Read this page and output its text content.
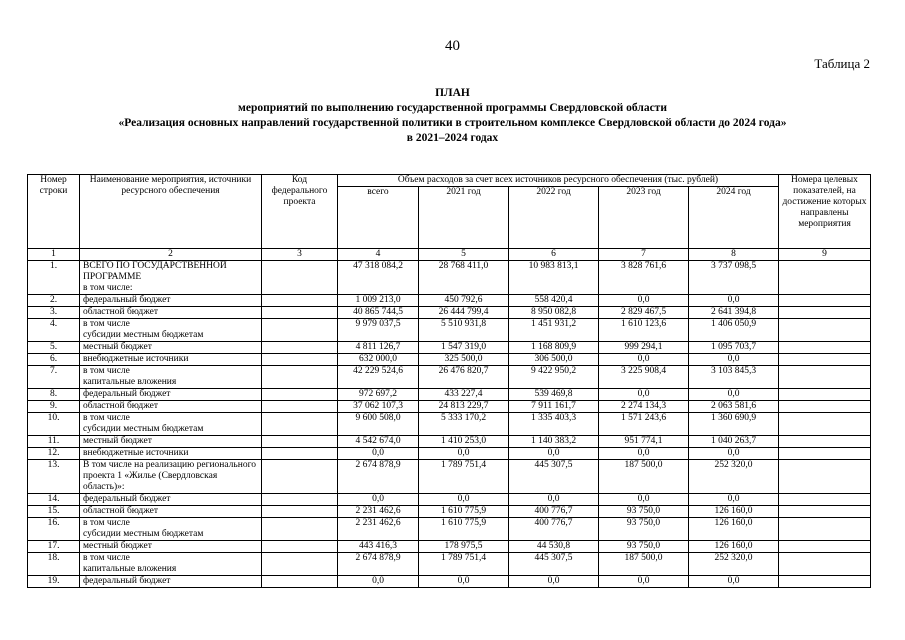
40
Таблица 2
ПЛАН
мероприятий по выполнению государственной программы Свердловской области
«Реализация основных направлений государственной политики в строительном комплексе Свердловской области до 2024 года»
в 2021–2024 годах
Номер строки	Наименование мероприятия, источники ресурсного обеспечения	Код федерального проекта	Объем расходов за счет всех источников ресурсного обеспечения (тыс. рублей)					Номера целевых показателей, на достижение которых направлены мероприятия
			всего	2021 год	2022 год	2023 год	2024 год	
1	2	3	4	5	6	7	8	9
1.	ВСЕГО ПО ГОСУДАРСТВЕННОЙ ПРОГРАММЕ
в том числе:		47 318 084,2	28 768 411,0	10 983 813,1	3 828 761,6	3 737 098,5	
2.	федеральный бюджет		1 009 213,0	450 792,6	558 420,4	0,0	0,0	
3.	областной бюджет		40 865 744,5	26 444 799,4	8 950 082,8	2 829 467,5	2 641 394,8	
4.	в том числе
субсидии местным бюджетам		9 979 037,5	5 510 931,8	1 451 931,2	1 610 123,6	1 406 050,9	
5.	местный бюджет		4 811 126,7	1 547 319,0	1 168 809,9	999 294,1	1 095 703,7	
6.	внебюджетные источники		632 000,0	325 500,0	306 500,0	0,0	0,0	
7.	в том числе
капитальные вложения		42 229 524,6	26 476 820,7	9 422 950,2	3 225 908,4	3 103 845,3	
8.	федеральный бюджет		972 697,2	433 227,4	539 469,8	0,0	0,0	
9.	областной бюджет		37 062 107,3	24 813 229,7	7 911 161,7	2 274 134,3	2 063 581,6	
10.	в том числе
субсидии местным бюджетам		9 600 508,0	5 333 170,2	1 335 403,3	1 571 243,6	1 360 690,9	
11.	местный бюджет		4 542 674,0	1 410 253,0	1 140 383,2	951 774,1	1 040 263,7	
12.	внебюджетные источники		0,0	0,0	0,0	0,0	0,0	
13.	В том числе на реализацию регионального проекта 1 «Жилье (Свердловская область)»:		2 674 878,9	1 789 751,4	445 307,5	187 500,0	252 320,0	
14.	федеральный бюджет		0,0	0,0	0,0	0,0	0,0	
15.	областной бюджет		2 231 462,6	1 610 775,9	400 776,7	93 750,0	126 160,0	
16.	в том числе
субсидии местным бюджетам		2 231 462,6	1 610 775,9	400 776,7	93 750,0	126 160,0	
17.	местный бюджет		443 416,3	178 975,5	44 530,8	93 750,0	126 160,0	
18.	в том числе
капитальные вложения		2 674 878,9	1 789 751,4	445 307,5	187 500,0	252 320,0	
19.	федеральный бюджет		0,0	0,0	0,0	0,0	0,0	
